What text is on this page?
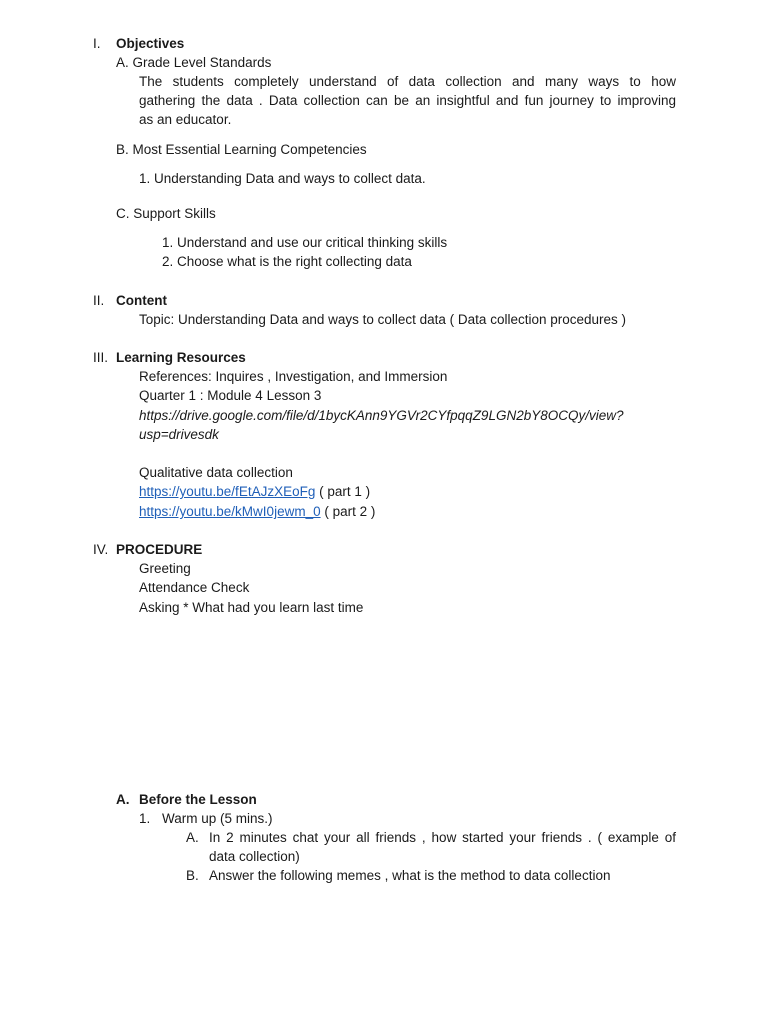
I. Objectives
A. Grade Level Standards
The students completely understand of data collection and many ways to how
gathering the data . Data collection can be an insightful and fun journey to improving
as an educator.
B. Most Essential Learning Competencies
1. Understanding Data and ways to collect data.
C. Support Skills
1. Understand and use our critical thinking skills
2. Choose what is the right collecting data
II. Content
Topic: Understanding Data and ways to collect data ( Data collection procedures )
III. Learning Resources
References: Inquires , Investigation, and Immersion
Quarter 1 : Module 4 Lesson 3
https://drive.google.com/file/d/1bycKAnn9YGVr2CYfpqqZ9LGN2bY8OCQy/view?
usp=drivesdk
Qualitative data collection
https://youtu.be/fEtAJzXEoFg ( part 1 )
https://youtu.be/kMwI0jewm_0 ( part 2 )
IV. PROCEDURE
Greeting
Attendance Check
Asking * What had you learn last time
A. Before the Lesson
1. Warm up (5 mins.)
A. In 2 minutes chat your all friends , how started your friends . ( example of
data collection)
B. Answer the following memes , what is the method to data collection
